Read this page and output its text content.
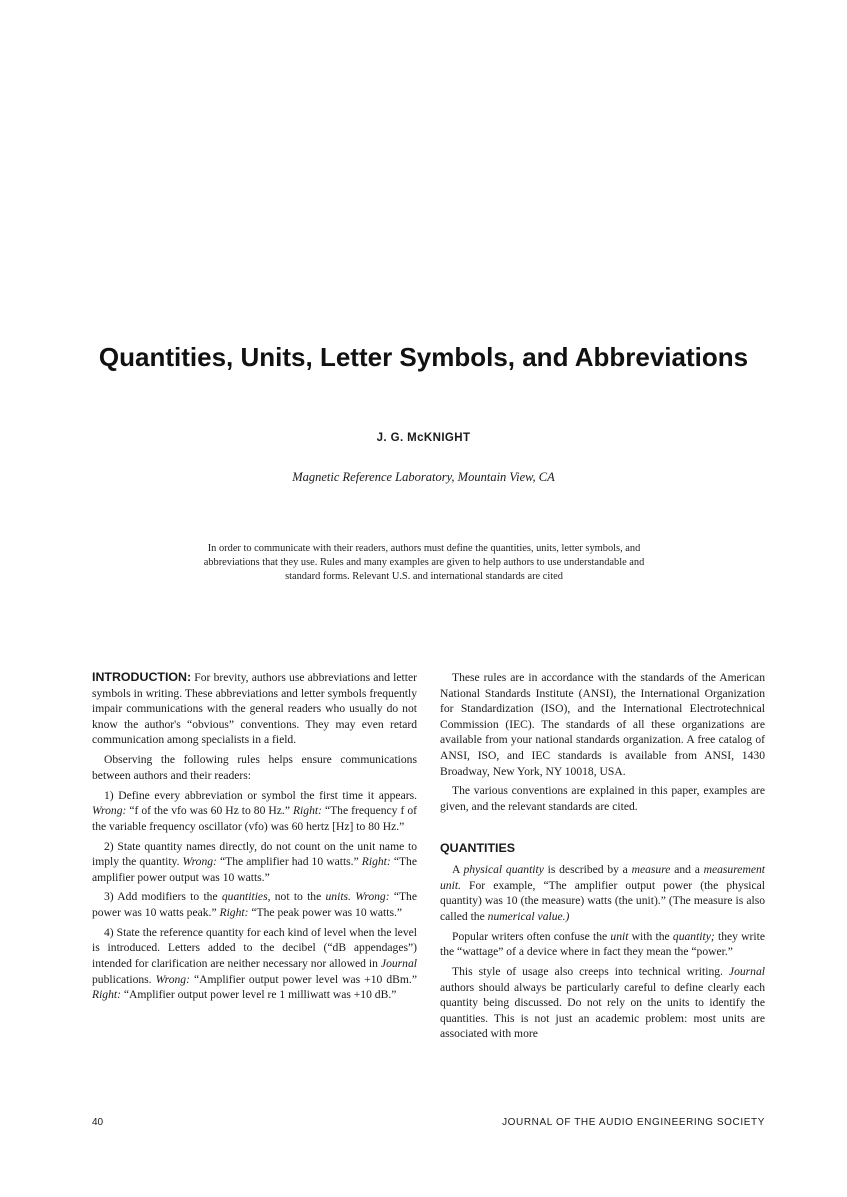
Quantities, Units, Letter Symbols, and Abbreviations
J. G. McKNIGHT
Magnetic Reference Laboratory, Mountain View, CA

In order to communicate with their readers, authors must define the quantities, units, letter symbols, and abbreviations that they use. Rules and many examples are given to help authors to use understandable and standard forms. Relevant U.S. and international standards are cited

INTRODUCTION: For brevity, authors use abbreviations and letter symbols in writing. These abbreviations and letter symbols frequently impair communications with the general readers who usually do not know the author's “obvious” conventions. They may even retard communication among specialists in a field.

Observing the following rules helps ensure communications between authors and their readers:

1) Define every abbreviation or symbol the first time it appears. Wrong: “f of the vfo was 60 Hz to 80 Hz.” Right: “The frequency f of the variable frequency oscillator (vfo) was 60 hertz [Hz] to 80 Hz.”

2) State quantity names directly, do not count on the unit name to imply the quantity. Wrong: “The amplifier had 10 watts.” Right: “The amplifier power output was 10 watts.”

3) Add modifiers to the quantities, not to the units. Wrong: “The power was 10 watts peak.” Right: “The peak power was 10 watts.”

4) State the reference quantity for each kind of level when the level is introduced. Letters added to the decibel (“dB appendages”) intended for clarification are neither necessary nor allowed in Journal publications. Wrong: “Amplifier output power level was +10 dBm.” Right: “Amplifier output power level re 1 milliwatt was +10 dB.”

These rules are in accordance with the standards of the American National Standards Institute (ANSI), the International Organization for Standardization (ISO), and the International Electrotechnical Commission (IEC). The standards of all these organizations are available from your national standards organization. A free catalog of ANSI, ISO, and IEC standards is available from ANSI, 1430 Broadway, New York, NY 10018, USA.

The various conventions are explained in this paper, examples are given, and the relevant standards are cited.

QUANTITIES

A physical quantity is described by a measure and a measurement unit. For example, “The amplifier output power (the physical quantity) was 10 (the measure) watts (the unit).” (The measure is also called the numerical value.)

Popular writers often confuse the unit with the quantity; they write the “wattage” of a device where in fact they mean the “power.”

This style of usage also creeps into technical writing. Journal authors should always be particularly careful to define clearly each quantity being discussed. Do not rely on the units to identify the quantities. This is not just an academic problem: most units are associated with more

40	JOURNAL OF THE AUDIO ENGINEERING SOCIETY
